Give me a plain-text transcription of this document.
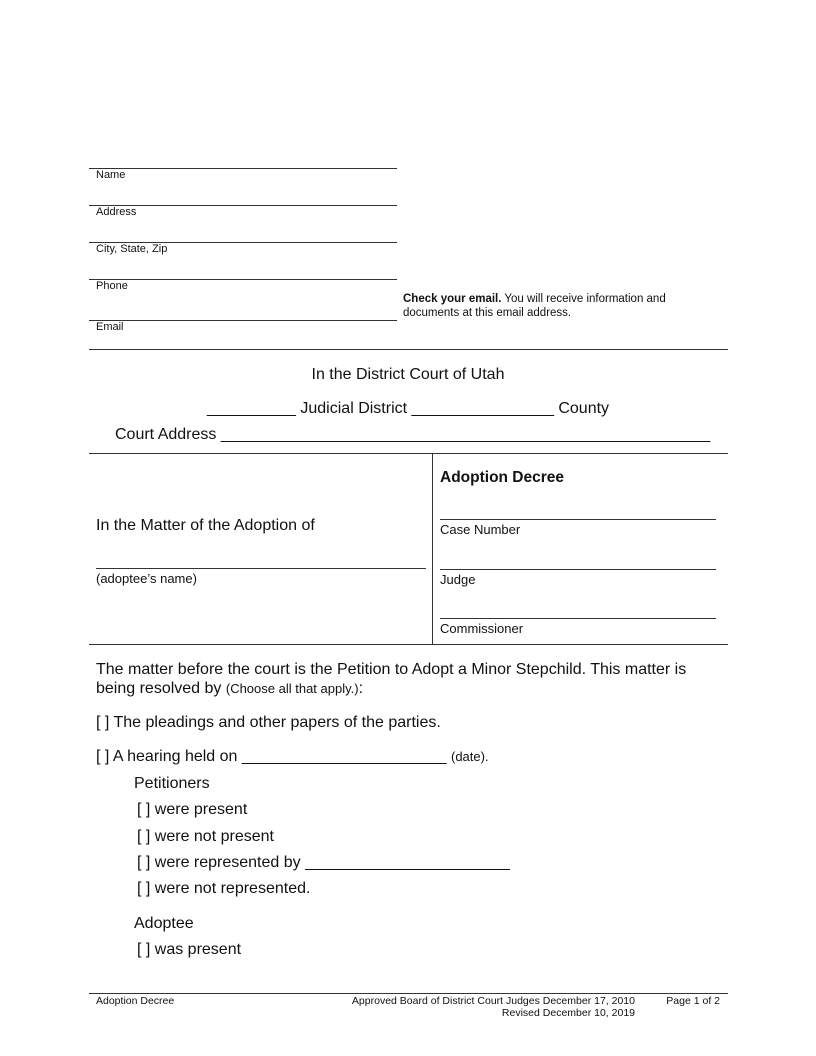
Name
Address
City, State, Zip
Phone
Email
Check your email. You will receive information and
documents at this email address.
In the District Court of Utah
__________ Judicial District ________________ County
Court Address _______________________________________________________
In the Matter of the Adoption of
(adoptee’s name)
Adoption Decree
Case Number
Judge
Commissioner
The matter before the court is the Petition to Adopt a Minor Stepchild. This matter is
being resolved by (Choose all that apply.):
[ ] The pleadings and other papers of the parties.
[ ] A hearing held on _______________________ (date).
Petitioners
[ ] were present
[ ] were not present
[ ] were represented by _______________________
[ ] were not represented.
Adoptee
[ ] was present
Adoption Decree	Approved Board of District Court Judges December 17, 2010
Revised December 10, 2019
Page 1 of 2
